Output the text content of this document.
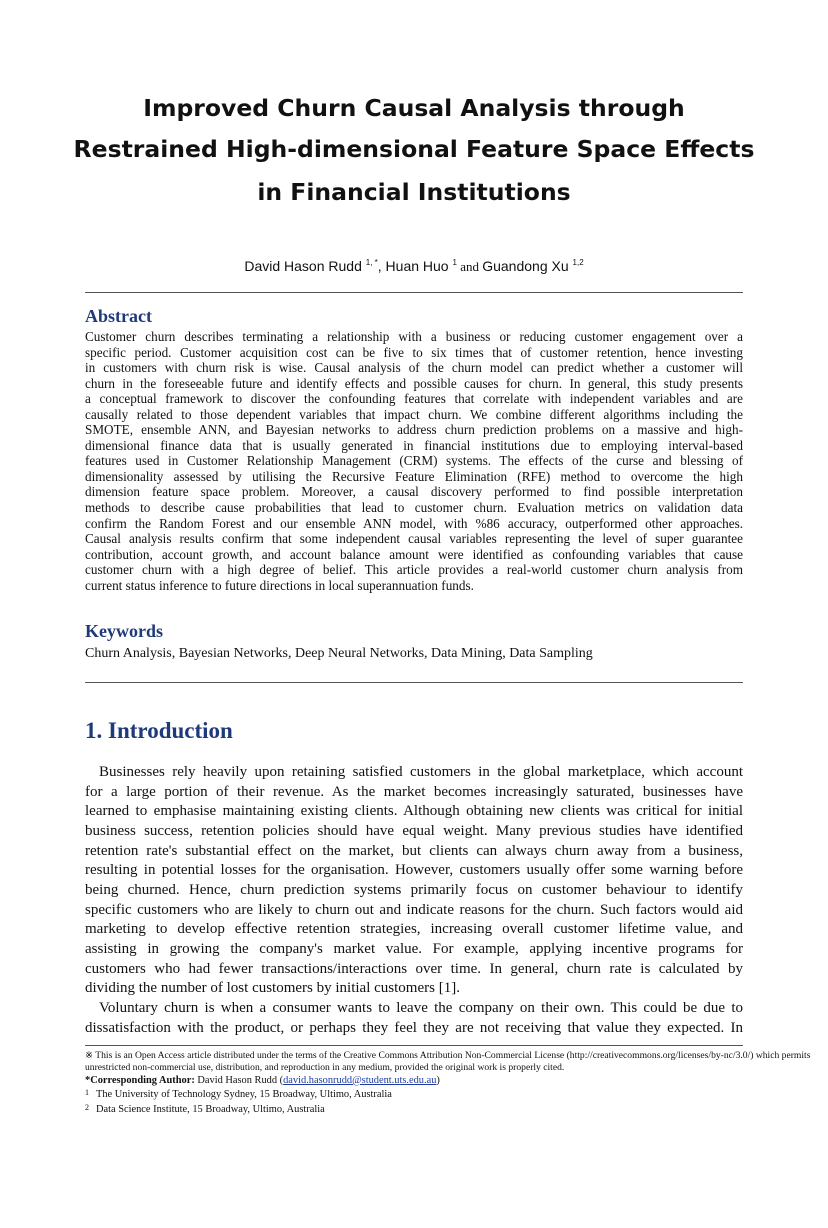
Improved Churn Causal Analysis through
Restrained High-dimensional Feature Space Effects
in Financial Institutions
David Hason Rudd $^{1, *}$, Huan Huo $^1$ and Guandong Xu $^{1,2}$
Abstract

Customer churn describes terminating a relationship with a business or reducing customer engagement over a

specific period. Customer acquisition cost can be five to six times that of customer retention, hence investing

in customers with churn risk is wise. Causal analysis of the churn model can predict whether a customer will

churn in the foreseeable future and identify effects and possible causes for churn. In general, this study presents

a conceptual framework to discover the confounding features that correlate with independent variables and are

causally related to those dependent variables that impact churn. We combine different algorithms including the

SMOTE, ensemble ANN, and Bayesian networks to address churn prediction problems on a massive and high-

dimensional finance data that is usually generated in financial institutions due to employing interval-based

features used in Customer Relationship Management (CRM) systems. The effects of the curse and blessing of

dimensionality assessed by utilising the Recursive Feature Elimination (RFE) method to overcome the high

dimension feature space problem. Moreover, a causal discovery performed to find possible interpretation

methods to describe cause probabilities that lead to customer churn. Evaluation metrics on validation data

confirm the Random Forest and our ensemble ANN model, with %86 accuracy, outperformed other approaches.

Causal analysis results confirm that some independent causal variables representing the level of super guarantee

contribution, account growth, and account balance amount were identified as confounding variables that cause

customer churn with a high degree of belief. This article provides a real-world customer churn analysis from

current status inference to future directions in local superannuation funds.

Keywords
Churn Analysis, Bayesian Networks, Deep Neural Networks, Data Mining, Data Sampling
1. Introduction

Businesses rely heavily upon retaining satisfied customers in the global marketplace, which account

for a large portion of their revenue. As the market becomes increasingly saturated, businesses have

learned to emphasise maintaining existing clients. Although obtaining new clients was critical for initial

business success, retention policies should have equal weight. Many previous studies have identified

retention rate's substantial effect on the market, but clients can always churn away from a business,

resulting in potential losses for the organisation. However, customers usually offer some warning before

being churned. Hence, churn prediction systems primarily focus on customer behaviour to identify

specific customers who are likely to churn out and indicate reasons for the churn. Such factors would aid

marketing to develop effective retention strategies, increasing overall customer lifetime value, and

assisting in growing the company's market value. For example, applying incentive programs for

customers who had fewer transactions/interactions over time. In general, churn rate is calculated by

dividing the number of lost customers by initial customers [1].

Voluntary churn is when a consumer wants to leave the company on their own. This could be due to

dissatisfaction with the product, or perhaps they feel they are not receiving that value they expected. In

※ This is an Open Access article distributed under the terms of the Creative Commons Attribution Non-Commercial License (http://creativecommons.org/licenses/by-nc/3.0/) which permits
unrestricted non-commercial use, distribution, and reproduction in any medium, provided the original work is properly cited.
*Corresponding Author: David Hason Rudd (david.hasonrudd@student.uts.edu.au)
1 The University of Technology Sydney, 15 Broadway, Ultimo, Australia
2 Data Science Institute, 15 Broadway, Ultimo, Australia
